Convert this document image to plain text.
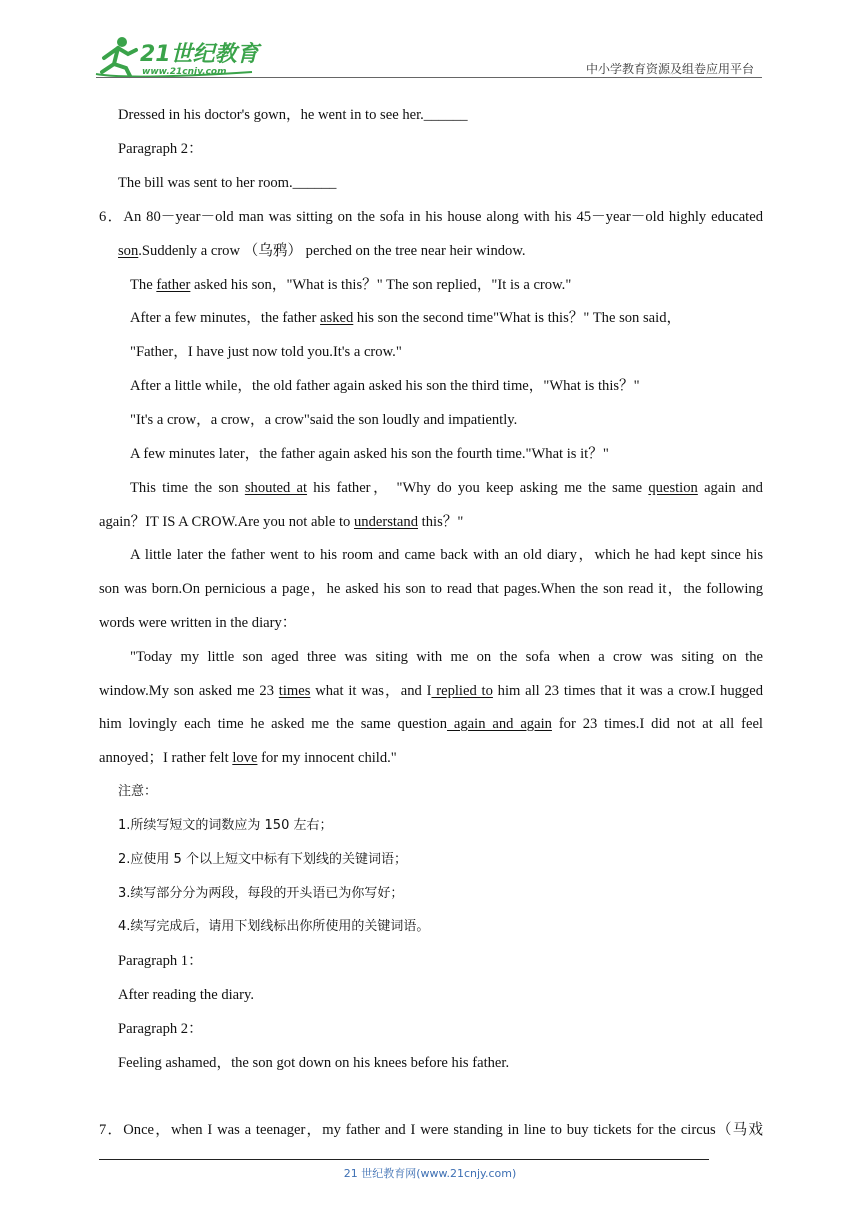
21世纪教育
www.21cnjy.com	中小学教育资源及组卷应用平台
Dressed in his doctor's gown，he went in to see her.______
Paragraph 2：
The bill was sent to her room.______
6．An 80－year－old man was sitting on the sofa in his house along with his 45－year－old highly educated
son.Suddenly a crow （乌鸦） perched on the tree near heir window.
The father asked his son，"What is this？" The son replied，"It is a crow."
After a few minutes，the father asked his son the second time"What is this？" The son said，
"Father，I have just now told you.It's a crow."
After a little while，the old father again asked his son the third time，"What is this？"
"It's a crow，a crow，a crow"said the son loudly and impatiently.
A few minutes later，the father again asked his son the fourth time."What is it？"
This time the son shouted at his father， "Why do you keep asking me the same question again and
again？IT IS A CROW.Are you not able to understand this？"
A little later the father went to his room and came back with an old diary，which he had kept since his
son was born.On pernicious a page，he asked his son to read that pages.When the son read it，the following
words were written in the diary：
"Today my little son aged three was siting with me on the sofa when a crow was siting on the
window.My son asked me 23 times what it was，and I replied to him all 23 times that it was a crow.I hugged
him lovingly each time he asked me the same question again and again for 23 times.I did not at all feel
annoyed；I rather felt love for my innocent child."
注意：
1.所续写短文的词数应为 150 左右；
2.应使用 5 个以上短文中标有下划线的关键词语；
3.续写部分分为两段，每段的开头语已为你写好；
4.续写完成后，请用下划线标出你所使用的关键词语。
Paragraph 1：
After reading the diary.
Paragraph 2：
Feeling ashamed，the son got down on his knees before his father.
7．Once，when I was a teenager，my father and I were standing in line to buy tickets for the circus（马戏
21 世纪教育网(www.21cnjy.com)
